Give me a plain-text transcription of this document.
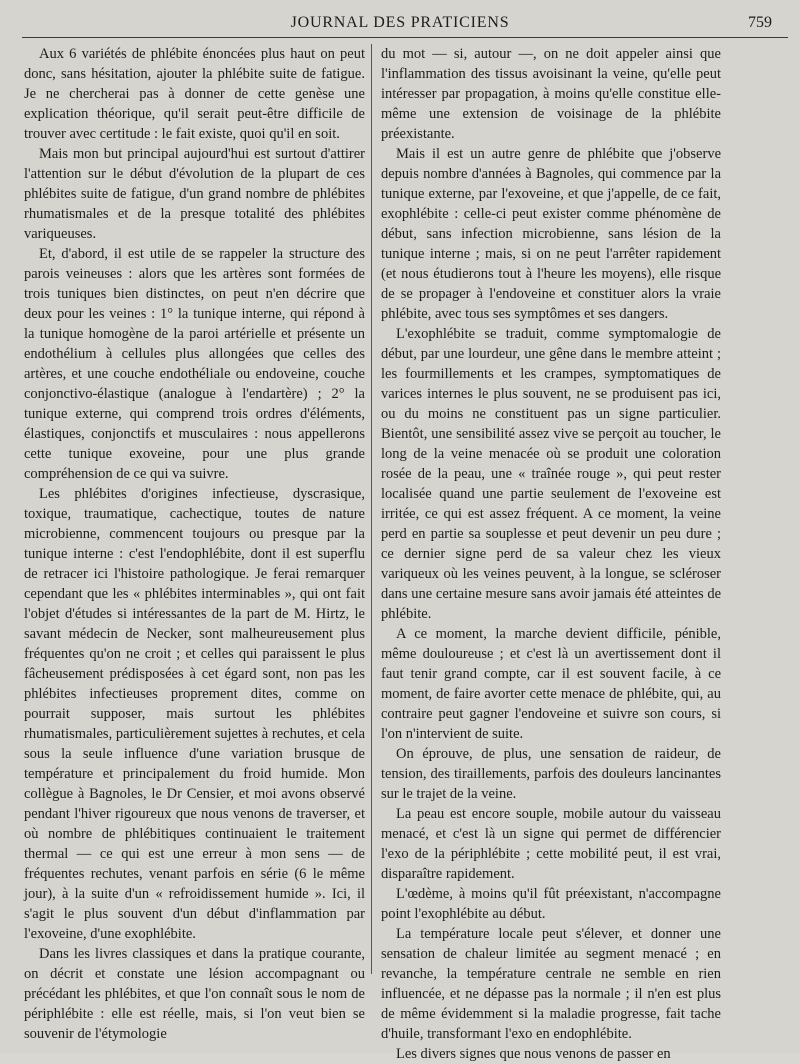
JOURNAL DES PRATICIENS	759

Aux 6 variétés de phlébite énoncées plus haut on peut donc, sans hésitation, ajouter la phlébite suite de fatigue. Je ne chercherai pas à donner de cette genèse une explication théorique, qu'il serait peut-être difficile de trouver avec certitude : le fait existe, quoi qu'il en soit.

Mais mon but principal aujourd'hui est surtout d'attirer l'attention sur le début d'évolution de la plupart de ces phlébites suite de fatigue, d'un grand nombre de phlébites rhumatismales et de la presque totalité des phlébites variqueuses.

Et, d'abord, il est utile de se rappeler la structure des parois veineuses : alors que les artères sont formées de trois tuniques bien distinctes, on peut n'en décrire que deux pour les veines : 1° la tunique interne, qui répond à la tunique homogène de la paroi artérielle et présente un endothélium à cellules plus allongées que celles des artères, et une couche endothéliale ou endoveine, couche conjonctivo-élastique (analogue à l'endartère) ; 2° la tunique externe, qui comprend trois ordres d'éléments, élastiques, conjonctifs et musculaires : nous appellerons cette tunique exoveine, pour une plus grande compréhension de ce qui va suivre.

Les phlébites d'origines infectieuse, dyscrasique, toxique, traumatique, cachectique, toutes de nature microbienne, commencent toujours ou presque par la tunique interne : c'est l'endophlébite, dont il est superflu de retracer ici l'histoire pathologique. Je ferai remarquer cependant que les « phlébites interminables », qui ont fait l'objet d'études si intéressantes de la part de M. Hirtz, le savant médecin de Necker, sont malheureusement plus fréquentes qu'on ne croit ; et celles qui paraissent le plus fâcheusement prédisposées à cet égard sont, non pas les phlébites infectieuses proprement dites, comme on pourrait supposer, mais surtout les phlébites rhumatismales, particulièrement sujettes à rechutes, et cela sous la seule influence d'une variation brusque de température et principalement du froid humide. Mon collègue à Bagnoles, le Dr Censier, et moi avons observé pendant l'hiver rigoureux que nous venons de traverser, et où nombre de phlébitiques continuaient le traitement thermal — ce qui est une erreur à mon sens — de fréquentes rechutes, venant parfois en série (6 le même jour), à la suite d'un « refroidissement humide ». Ici, il s'agit le plus souvent d'un début d'inflammation par l'exoveine, d'une exophlébite.

Dans les livres classiques et dans la pratique courante, on décrit et constate une lésion accompagnant ou précédant les phlébites, et que l'on connaît sous le nom de périphlébite : elle est réelle, mais, si l'on veut bien se souvenir de l'étymologie

du mot — si, autour —, on ne doit appeler ainsi que l'inflammation des tissus avoisinant la veine, qu'elle peut intéresser par propagation, à moins qu'elle constitue elle-même une extension de voisinage de la phlébite préexistante.

Mais il est un autre genre de phlébite que j'observe depuis nombre d'années à Bagnoles, qui commence par la tunique externe, par l'exoveine, et que j'appelle, de ce fait, exophlébite : celle-ci peut exister comme phénomène de début, sans infection microbienne, sans lésion de la tunique interne ; mais, si on ne peut l'arrêter rapidement (et nous étudierons tout à l'heure les moyens), elle risque de se propager à l'endoveine et constituer alors la vraie phlébite, avec tous ses symptômes et ses dangers.

L'exophlébite se traduit, comme symptomalogie de début, par une lourdeur, une gêne dans le membre atteint ; les fourmillements et les crampes, symptomatiques de varices internes le plus souvent, ne se produisent pas ici, ou du moins ne constituent pas un signe particulier. Bientôt, une sensibilité assez vive se perçoit au toucher, le long de la veine menacée où se produit une coloration rosée de la peau, une « traînée rouge », qui peut rester localisée quand une partie seulement de l'exoveine est irritée, ce qui est assez fréquent. A ce moment, la veine perd en partie sa souplesse et peut devenir un peu dure ; ce dernier signe perd de sa valeur chez les vieux variqueux où les veines peuvent, à la longue, se scléroser dans une certaine mesure sans avoir jamais été atteintes de phlébite.

A ce moment, la marche devient difficile, pénible, même douloureuse ; et c'est là un avertissement dont il faut tenir grand compte, car il est souvent facile, à ce moment, de faire avorter cette menace de phlébite, qui, au contraire peut gagner l'endoveine et suivre son cours, si l'on n'intervient de suite.

On éprouve, de plus, une sensation de raideur, de tension, des tiraillements, parfois des douleurs lancinantes sur le trajet de la veine.

La peau est encore souple, mobile autour du vaisseau menacé, et c'est là un signe qui permet de différencier l'exo de la périphlébite ; cette mobilité peut, il est vrai, disparaître rapidement.

L'œdème, à moins qu'il fût préexistant, n'accompagne point l'exophlébite au début.

La température locale peut s'élever, et donner une sensation de chaleur limitée au segment menacé ; en revanche, la température centrale ne semble en rien influencée, et ne dépasse pas la normale ; il n'en est plus de même évidemment si la maladie progresse, fait tache d'huile, transformant l'exo en endophlébite.

Les divers signes que nous venons de passer en
